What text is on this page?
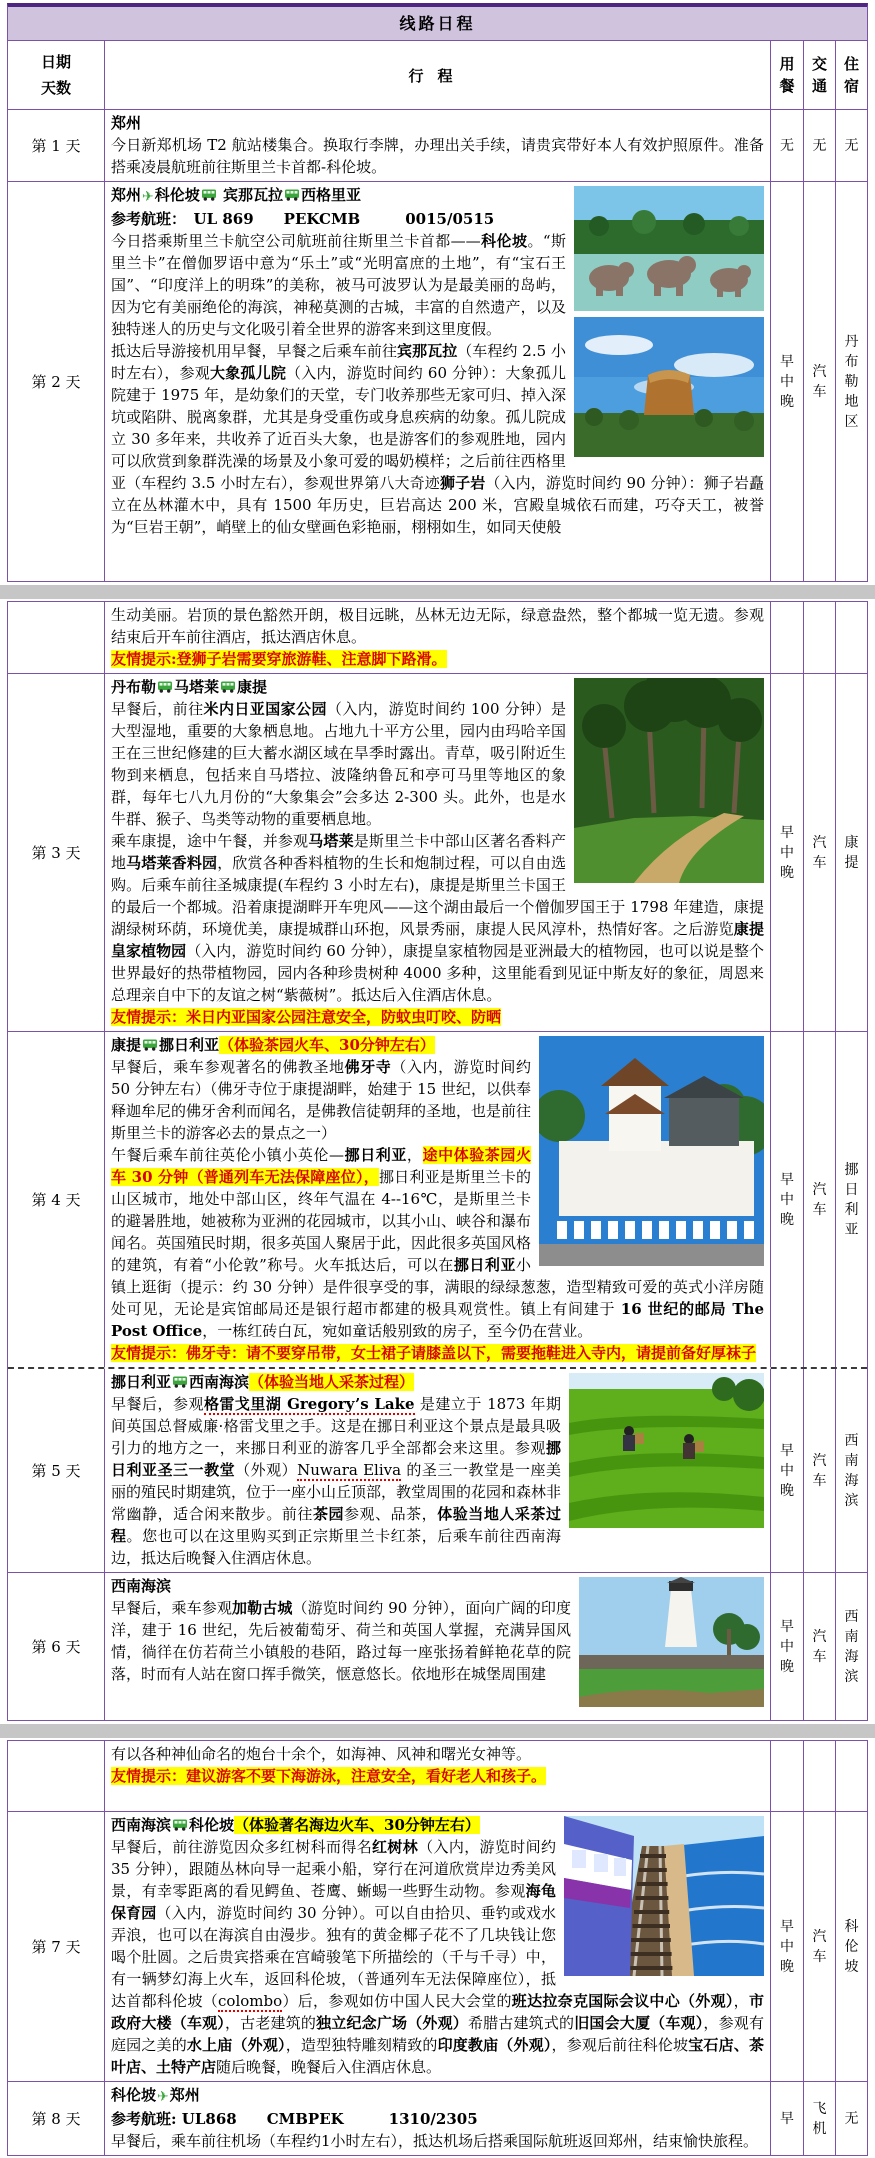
线路日程
日期天数
行程
用餐
交通
住宿
第 1 天
郑州
今日新郑机场 T2 航站楼集合。换取行李牌，办理出关手续，请贵宾带好本人有效护照原件。准备搭乘凌晨航班前往斯里兰卡首都-科伦坡。
无 无 无
第 2 天
郑州✈科伦坡 宾那瓦拉 西格里亚
参考航班：　UL 869　　PEKCMB　　　0015/0515
今日搭乘斯里兰卡航空公司航班前往斯里兰卡首都——科伦坡。“斯里兰卡”在僧伽罗语中意为“乐土”或“光明富庶的土地”，有“宝石王国”、“印度洋上的明珠”的美称，被马可波罗认为是最美丽的岛屿，因为它有美丽绝伦的海滨，神秘莫测的古城，丰富的自然遗产，以及独特迷人的历史与文化吸引着全世界的游客来到这里度假。
抵达后导游接机用早餐，早餐之后乘车前往宾那瓦拉（车程约 2.5 小时左右），参观大象孤儿院（入内，游览时间约 60 分钟）：大象孤儿院建于 1975 年，是幼象们的天堂，专门收养那些无家可归、掉入深坑或陷阱、脱离象群，尤其是身受重伤或身息疾病的幼象。孤儿院成立 30 多年来，共收养了近百头大象，也是游客们的参观胜地，园内可以欣赏到象群洗澡的场景及小象可爱的喝奶模样；之后前往西格里亚（车程约 3.5 小时左右），参观世界第八大奇迹狮子岩（入内，游览时间约 90 分钟）：狮子岩矗立在丛林灌木中，具有 1500 年历史，巨岩高达 200 米，宫殿皇城依石而建，巧夺天工，被誉为“巨岩王朝”，峭壁上的仙女壁画色彩艳丽，栩栩如生，如同天使般
早中晚
汽车
丹布勒地区
生动美丽。岩顶的景色豁然开朗，极目远眺，丛林无边无际，绿意盎然，整个都城一览无遗。参观结束后开车前往酒店，抵达酒店休息。
友情提示:登狮子岩需要穿旅游鞋、注意脚下路滑。
第 3 天
丹布勒 马塔莱 康提
早餐后，前往米内日亚国家公园（入内，游览时间约 100 分钟）是大型湿地，重要的大象栖息地。占地九十平方公里，园内由玛哈辛国王在三世纪修建的巨大蓄水湖区域在旱季时露出。青草，吸引附近生物到来栖息，包括来自马塔拉、波隆纳鲁瓦和亭可马里等地区的象群，每年七八九月份的“大象集会”会多达 2-300 头。此外，也是水牛群、猴子、鸟类等动物的重要栖息地。
乘车康提，途中午餐，并参观马塔莱是斯里兰卡中部山区著名香料产地马塔莱香料园，欣赏各种香料植物的生长和炮制过程，可以自由选购。后乘车前往圣城康提(车程约 3 小时左右)，康提是斯里兰卡国王的最后一个都城。沿着康提湖畔开车兜风——这个湖由最后一个僧伽罗国王于 1798 年建造，康提湖绿树环荫，环境优美，康提城群山环抱，风景秀丽，康提人民风淳朴，热情好客。之后游览康提皇家植物园（入内，游览时间约 60 分钟），康提皇家植物园是亚洲最大的植物园，也可以说是整个世界最好的热带植物园，园内各种珍贵树种 4000 多种，这里能看到见证中斯友好的象征，周恩来总理亲自中下的友谊之树“紫薇树”。抵达后入住酒店休息。
友情提示：米日内亚国家公园注意安全，防蚊虫叮咬、防晒
早中晚
汽车
康提
第 4 天
康提 挪日利亚（体验茶园火车、30分钟左右）
早餐后，乘车参观著名的佛教圣地佛牙寺（入内，游览时间约 50 分钟左右）（佛牙寺位于康提湖畔，始建于 15 世纪，以供奉释迦牟尼的佛牙舍利而闻名，是佛教信徒朝拜的圣地，也是前往斯里兰卡的游客必去的景点之一）
午餐后乘车前往英伦小镇小英伦—挪日利亚，途中体验茶园火车 30 分钟（普通列车无法保障座位），挪日利亚是斯里兰卡的山区城市，地处中部山区，终年气温在 4--16℃，是斯里兰卡的避暑胜地，她被称为亚洲的花园城市，以其小山、峡谷和瀑布闻名。英国殖民时期，很多英国人聚居于此，因此很多英国风格的建筑，有着“小伦敦”称号。火车抵达后，可以在挪日利亚小镇上逛街（提示：约 30 分钟）是件很享受的事，满眼的绿绿葱葱，造型精致可爱的英式小洋房随处可见，无论是宾馆邮局还是银行超市都建的极具观赏性。镇上有间建于 16 世纪的邮局 The Post Office，一栋红砖白瓦，宛如童话般别致的房子，至今仍在营业。
友情提示：佛牙寺：请不要穿吊带，女士裙子请膝盖以下，需要拖鞋进入寺内，请提前备好厚袜子
早中晚
汽车
挪日利亚
第 5 天
挪日利亚 西南海滨（体验当地人采茶过程）
早餐后，参观格雷戈里湖 Gregory’s Lake 是建立于 1873 年期间英国总督威廉·格雷戈里之手。这是在挪日利亚这个景点是最具吸引力的地方之一，来挪日利亚的游客几乎全部都会来这里。参观挪日利亚圣三一教堂（外观）Nuwara Eliva 的圣三一教堂是一座美丽的殖民时期建筑，位于一座小山丘顶部，教堂周围的花园和森林非常幽静，适合闲来散步。前往茶园参观、品茶，体验当地人采茶过程。您也可以在这里购买到正宗斯里兰卡红茶，后乘车前往西南海边，抵达后晚餐入住酒店休息。
早中晚
汽车
西南海滨
第 6 天
西南海滨
早餐后，乘车参观加勒古城（游览时间约 90 分钟），面向广阔的印度洋，建于 16 世纪，先后被葡萄牙、荷兰和英国人掌握，充满异国风情，徜徉在仿若荷兰小镇般的巷陌，路过每一座张扬着鲜艳花草的院落，时而有人站在窗口挥手微笑，惬意悠长。依地形在城堡周围建
早中晚
汽车
西南海滨
有以各种神仙命名的炮台十余个，如海神、风神和曙光女神等。
友情提示：建议游客不要下海游泳，注意安全，看好老人和孩子。
第 7 天
西南海滨 科伦坡（体验著名海边火车、30分钟左右）
早餐后，前往游览因众多红树科而得名红树林（入内，游览时间约 35 分钟），跟随丛林向导一起乘小船，穿行在河道欣赏岸边秀美风景，有幸零距离的看见鳄鱼、苍鹰、蜥蜴一些野生动物。参观海龟保育园（入内，游览时间约 30 分钟）。可以自由拾贝、垂钓或戏水弄浪，也可以在海滨自由漫步。独有的黄金椰子花不了几块钱让您喝个肚圆。之后贵宾搭乘在宫崎骏笔下所描绘的（千与千寻）中，有一辆梦幻海上火车，返回科伦坡，（普通列车无法保障座位），抵达首都科伦坡（colombo）后，参观如仿中国人民大会堂的班达拉奈克国际会议中心（外观），市政府大楼（车观），古老建筑的独立纪念广场（外观）希腊古建筑式的旧国会大厦（车观），参观有庭园之美的水上庙（外观），造型独特雕刻精致的印度教庙（外观），参观后前往科伦坡宝石店、茶叶店、土特产店随后晚餐，晚餐后入住酒店休息。
早中晚
汽车
科伦坡
第 8 天
科伦坡✈郑州
参考航班: UL868　　CMBPEK　　　1310/2305
早餐后，乘车前往机场（车程约1小时左右），抵达机场后搭乘国际航班返回郑州，结束愉快旅程。
早
飞机
无
